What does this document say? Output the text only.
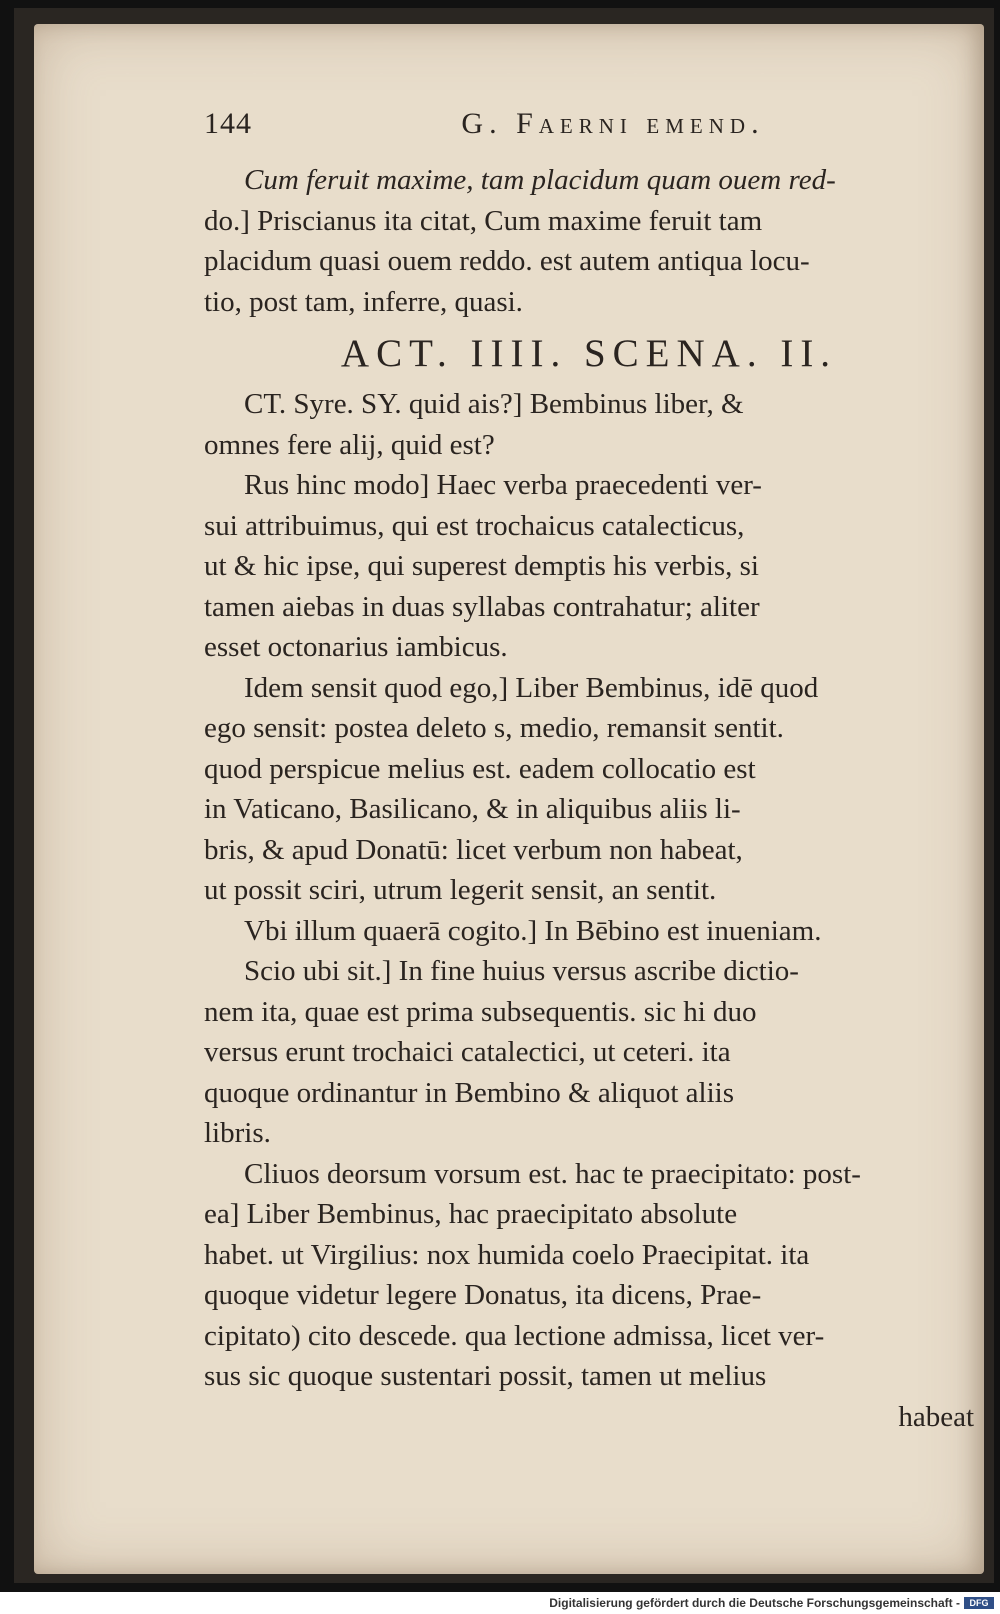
144	G. Faerni emend.
Cum feruit maxime, tam placidum quam ouem red-
do.] Priscianus ita citat, Cum maxime feruit tam
placidum quasi ouem reddo. est autem antiqua locu-
tio, post tam, inferre, quasi.
ACT. IIII. SCENA. II.
CT. Syre. SY. quid ais?] Bembinus liber, &
omnes fere alij, quid est?
Rus hinc modo] Haec verba praecedenti ver-
sui attribuimus, qui est trochaicus catalecticus,
ut & hic ipse, qui superest demptis his verbis, si
tamen aiebas in duas syllabas contrahatur; aliter
esset octonarius iambicus.
Idem sensit quod ego,] Liber Bembinus, idē quod
ego sensit: postea deleto s, medio, remansit sentit.
quod perspicue melius est. eadem collocatio est
in Vaticano, Basilicano, & in aliquibus aliis li-
bris, & apud Donatū: licet verbum non habeat,
ut possit sciri, utrum legerit sensit, an sentit.
Vbi illum quaerā cogito.] In Bēbino est inueniam.
Scio ubi sit.] In fine huius versus ascribe dictio-
nem ita, quae est prima subsequentis. sic hi duo
versus erunt trochaici catalectici, ut ceteri. ita
quoque ordinantur in Bembino & aliquot aliis
libris.
Cliuos deorsum vorsum est. hac te praecipitato: post-
ea] Liber Bembinus, hac praecipitato absolute
habet. ut Virgilius: nox humida coelo Praecipitat. ita
quoque videtur legere Donatus, ita dicens, Prae-
cipitato) cito descede. qua lectione admissa, licet ver-
sus sic quoque sustentari possit, tamen ut melius
habeat
Digitalisierung gefördert durch die Deutsche Forschungsgemeinschaft -	DFG
